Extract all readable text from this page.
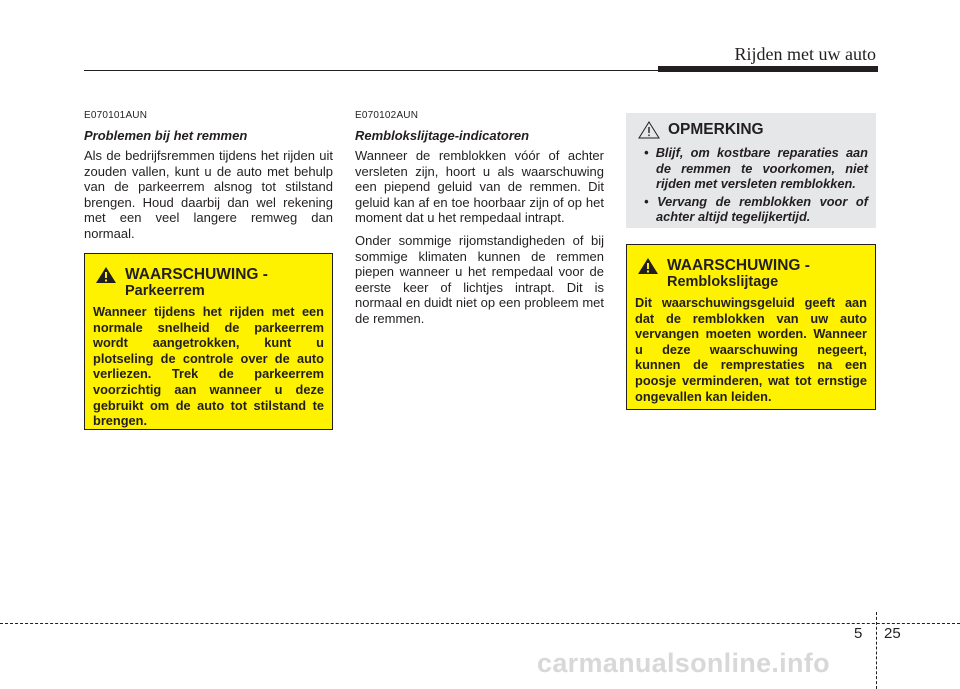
Rijden met uw auto
E070101AUN
Problemen bij het remmen
Als de bedrijfsremmen tijdens het rijden uit zouden vallen, kunt u de auto met behulp van de parkeerrem alsnog tot stilstand brengen. Houd daarbij dan wel rekening met een veel langere remweg dan normaal.
WAARSCHUWING -
Parkeerrem
Wanneer tijdens het rijden met een normale snelheid de parkeerrem wordt aangetrokken, kunt u plotseling de controle over de auto verliezen. Trek de parkeerrem voorzichtig aan wanneer u deze gebruikt om de auto tot stilstand te brengen.
E070102AUN
Remblokslijtage-indicatoren
Wanneer de remblokken vóór of achter versleten zijn, hoort u als waarschuwing een piepend geluid van de remmen. Dit geluid kan af en toe hoorbaar zijn of op het moment dat u het rempedaal intrapt.
Onder sommige rijomstandigheden of bij sommige klimaten kunnen de remmen piepen wanneer u het rempedaal voor de eerste keer of lichtjes intrapt. Dit is normaal en duidt niet op een probleem met de remmen.
OPMERKING
• Blijf, om kostbare reparaties aan de remmen te voorkomen, niet rijden met versleten remblokken.
• Vervang de remblokken voor of achter altijd tegelijkertijd.
WAARSCHUWING -
Remblokslijtage
Dit waarschuwingsgeluid geeft aan dat de remblokken van uw auto vervangen moeten worden. Wanneer u deze waarschuwing negeert, kunnen de remprestaties na een poosje verminderen, wat tot ernstige ongevallen kan leiden.
5 25
carmanualsonline.info
